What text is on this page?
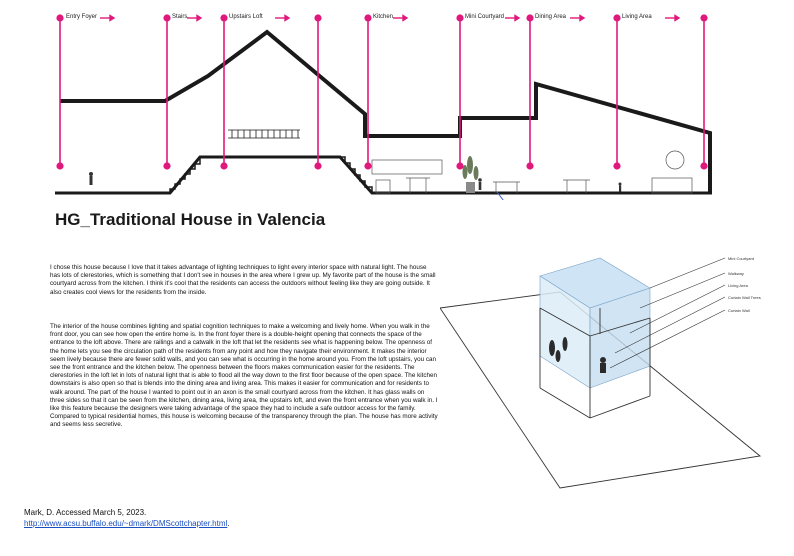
Entry Foyer	Stairs	Upstairs Loft	Kitchen	Mini Courtyard	Dining Area	Living Area
HG_Traditional House in Valencia

I chose this house because I love that it takes advantage of lighting techniques to light every interior space with natural light. The house has lots of clerestories, which is something that I don't see in houses in the area where I grew up. My favorite part of the house is the small courtyard across from the kitchen. I think it's cool that the residents can access the outdoors without feeling like they are going outside. It also creates cool views for the residents from the inside.

The interior of the house combines lighting and spatial cognition techniques to make a welcoming and lively home. When you walk in the front door, you can see how open the entire home is. In the front foyer there is a double-height opening that connects the space of the entrance to the loft above. There are railings and a catwalk in the loft that let the residents see what is happening below. The openness of the home lets you see the circulation path of the residents from any point and how they navigate their environment. It makes the interior seem lively because there are fewer solid walls, and you can see what is occurring in the home around you. From the loft upstairs, you can see the front entrance and the kitchen below. The openness between the floors makes communication easier for the residents. The clerestories in the loft let in lots of natural light that is able to flood all the way down to the first floor because of the open space. The kitchen downstairs is also open so that is blends into the dining area and living area. This makes it easier for communication and for residents to walk around. The part of the house I wanted to point out in an axon is the small courtyard across from the kitchen. It has glass walls on three sides so that it can be seen from the kitchen, dining area, living area, the upstairs loft, and even the front entrance when you walk in. I like this feature because the designers were taking advantage of the space they had to include a safe outdoor access for the family. Compared to typical residential homes, this house is welcoming because of the transparency through the plan. The house has more activity and seems less secretive.

Mini Courtyard
Walkway
Living Area
Curtain Wall Trees
Curtain Wall
Mark, D. Accessed March 5, 2023.
http://www.acsu.buffalo.edu/~dmark/DMScottchapter.html.
